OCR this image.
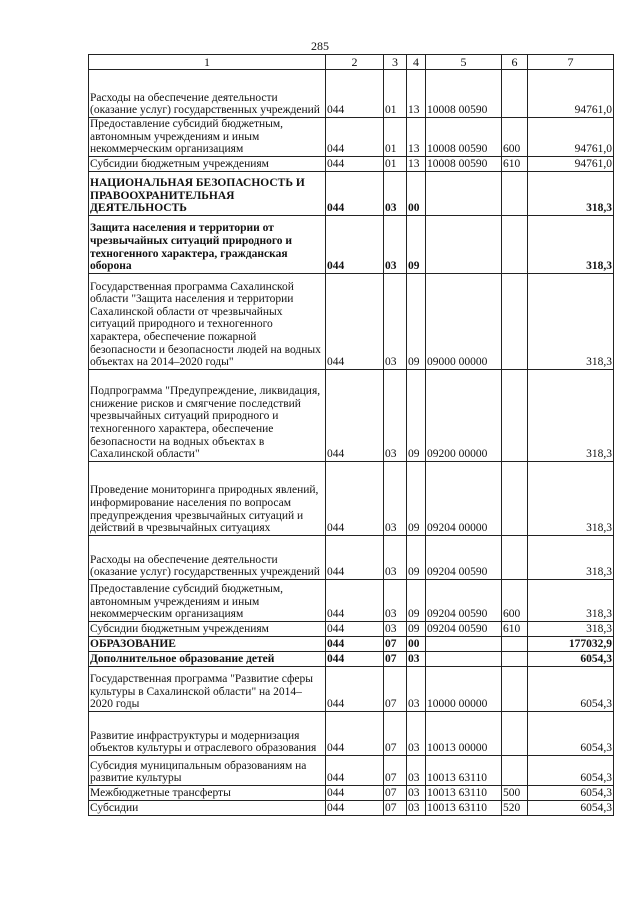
285
1	2	3	4	5	6	7
Расходы на обеспечение деятельности (оказание услуг) государственных учреждений	044	01	13	10008 00590		94761,0
Предоставление субсидий бюджетным, автономным учреждениям и иным некоммерческим организациям	044	01	13	10008 00590	600	94761,0
Субсидии бюджетным учреждениям	044	01	13	10008 00590	610	94761,0
НАЦИОНАЛЬНАЯ БЕЗОПАСНОСТЬ И ПРАВООХРАНИТЕЛЬНАЯ ДЕЯТЕЛЬНОСТЬ	044	03	00			318,3
Защита населения и территории от чрезвычайных ситуаций природного и техногенного характера, гражданская оборона	044	03	09			318,3
Государственная программа Сахалинской области "Защита населения и территории Сахалинской области от чрезвычайных ситуаций природного и техногенного характера, обеспечение пожарной безопасности и безопасности людей на водных объектах на 2014–2020 годы"	044	03	09	09000 00000		318,3
Подпрограмма "Предупреждение, ликвидация, снижение рисков и смягчение последствий чрезвычайных ситуаций природного и техногенного характера, обеспечение безопасности на водных объектах в Сахалинской области"	044	03	09	09200 00000		318,3
Проведение мониторинга природных явлений, информирование населения по вопросам предупреждения чрезвычайных ситуаций и действий в чрезвычайных ситуациях	044	03	09	09204 00000		318,3
Расходы на обеспечение деятельности (оказание услуг) государственных учреждений	044	03	09	09204 00590		318,3
Предоставление субсидий бюджетным, автономным учреждениям и иным некоммерческим организациям	044	03	09	09204 00590	600	318,3
Субсидии бюджетным учреждениям	044	03	09	09204 00590	610	318,3
ОБРАЗОВАНИЕ	044	07	00			177032,9
Дополнительное образование детей	044	07	03			6054,3
Государственная программа "Развитие сферы культуры в Сахалинской области" на 2014–2020 годы	044	07	03	10000 00000		6054,3
Развитие инфраструктуры и модернизация объектов культуры и отраслевого образования	044	07	03	10013 00000		6054,3
Субсидия муниципальным образованиям на развитие культуры	044	07	03	10013 63110		6054,3
Межбюджетные трансферты	044	07	03	10013 63110	500	6054,3
Субсидии	044	07	03	10013 63110	520	6054,3
